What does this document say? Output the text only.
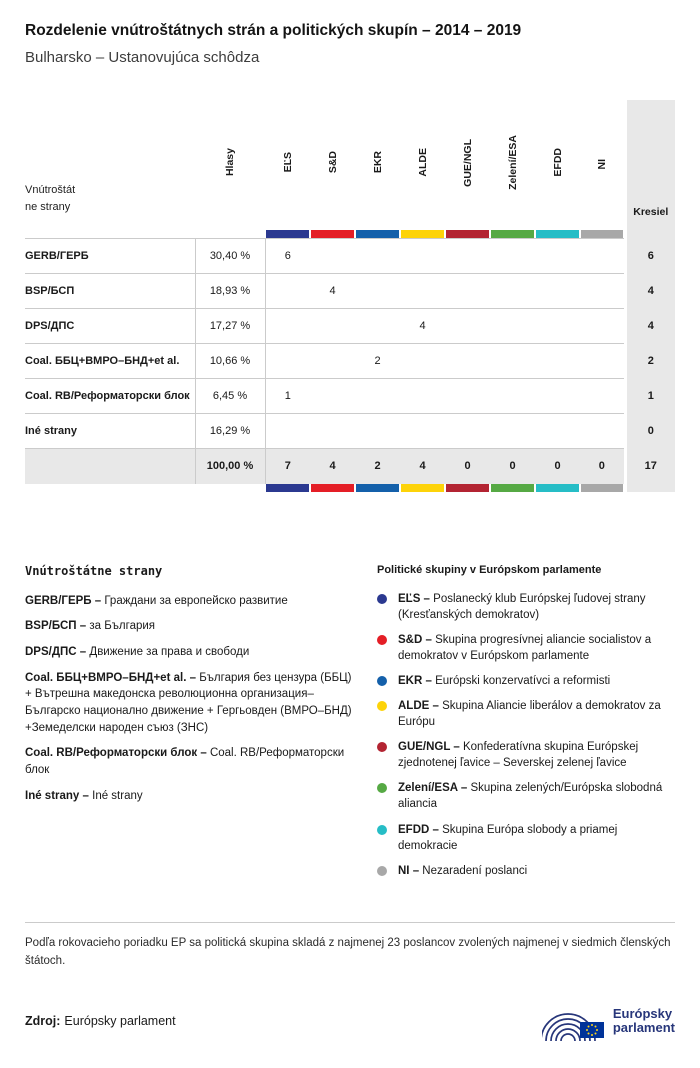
Rozdelenie vnútroštátnych strán a politických skupín – 2014 – 2019
Bulharsko – Ustanovujúca schôdza
Vnútroštátne strany	Hlasy	EĽS	S&D	EKR	ALDE	GUE/NGL	Zelení/ESA	EFDD	NI	Kresiel

GERB/ГЕРБ	30,40 %	6								6
BSP/БСП	18,93 %		4							4
DPS/ДПС	17,27 %				4					4
Coal. ББЦ+ВМРО–БНД+et al.	10,66 %			2						2
Coal. RB/Реформаторски блок	6,45 %	1								1
Iné strany	16,29 %									0
	100,00 %	7	4	2	4	0	0	0	0	17

Vnútroštátne strany
GERB/ГЕРБ – Граждани за европейско развитие
BSP/БСП – за България
DPS/ДПС – Движение за права и свободи
Coal. ББЦ+ВМРО–БНД+et al. – България без цензура (ББЦ) + Вътрешна македонска революционна организация–Българско национално движение + Гергьовден (ВМРО–БНД) +Земеделски народен съюз (ЗНС)
Coal. RB/Реформаторски блок – Coal. RB/Реформаторски блок
Iné strany – Iné strany
Politické skupiny v Európskom parlamente
EĽS – Poslanecký klub Európskej ľudovej strany (Kresťanských demokratov)
S&D – Skupina progresívnej aliancie socialistov a demokratov v Európskom parlamente
EKR – Európski konzervatívci a reformisti
ALDE – Skupina Aliancie liberálov a demokratov za Európu
GUE/NGL – Konfederatívna skupina Európskej zjednotenej ľavice – Severskej zelenej ľavice
Zelení/ESA – Skupina zelených/Európska slobodná aliancia
EFDD – Skupina Európa slobody a priamej demokracie
NI – Nezaradení poslanci
Podľa rokovacieho poriadku EP sa politická skupina skladá z najmenej 23 poslancov zvolených najmenej v siedmich členských štátoch.
Zdroj: Európsky parlament
Európsky
parlament
